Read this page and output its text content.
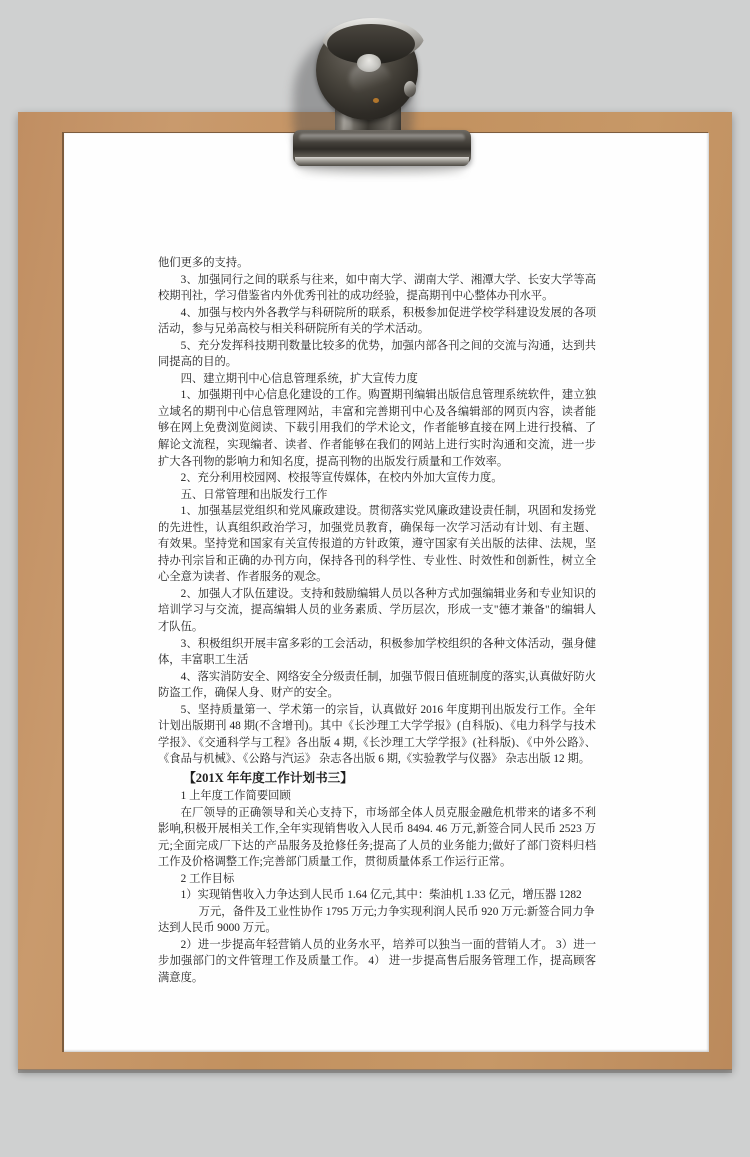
他们更多的支持。

3、加强同行之间的联系与往来，如中南大学、湖南大学、湘潭大学、长安大学等高校期刊社，学习借鉴省内外优秀刊社的成功经验，提高期刊中心整体办刊水平。

4、加强与校内外各教学与科研院所的联系，积极参加促进学校学科建设发展的各项活动，参与兄弟高校与相关科研院所有关的学术活动。

5、充分发挥科技期刊数量比较多的优势，加强内部各刊之间的交流与沟通，达到共同提高的目的。

四、建立期刊中心信息管理系统，扩大宣传力度

1、加强期刊中心信息化建设的工作。购置期刊编辑出版信息管理系统软件，建立独立域名的期刊中心信息管理网站，丰富和完善期刊中心及各编辑部的网页内容，读者能够在网上免费浏览阅读、下载引用我们的学术论文，作者能够直接在网上进行投稿、了解论文流程，实现编者、读者、作者能够在我们的网站上进行实时沟通和交流，进一步扩大各刊物的影响力和知名度，提高刊物的出版发行质量和工作效率。

2、充分利用校园网、校报等宣传媒体，在校内外加大宣传力度。

五、日常管理和出版发行工作

1、加强基层党组织和党风廉政建设。贯彻落实党风廉政建设责任制，巩固和发扬党的先进性，认真组织政治学习，加强党员教育，确保每一次学习活动有计划、有主题、有效果。坚持党和国家有关宣传报道的方针政策，遵守国家有关出版的法律、法规，坚持办刊宗旨和正确的办刊方向，保持各刊的科学性、专业性、时效性和创新性，树立全心全意为读者、作者服务的观念。

2、加强人才队伍建设。支持和鼓励编辑人员以各种方式加强编辑业务和专业知识的培训学习与交流，提高编辑人员的业务素质、学历层次，形成一支"德才兼备"的编辑人才队伍。

3、积极组织开展丰富多彩的工会活动，积极参加学校组织的各种文体活动，强身健体，丰富职工生活

4、落实消防安全、网络安全分级责任制，加强节假日值班制度的落实,认真做好防火防盗工作，确保人身、财产的安全。

5、坚持质量第一、学术第一的宗旨，认真做好 2016 年度期刊出版发行工作。全年计划出版期刊 48 期(不含增刊)。其中《长沙理工大学学报》(自科版)、《电力科学与技术学报》、《交通科学与工程》各出版 4 期,《长沙理工大学学报》(社科版)、《中外公路》、《食品与机械》、《公路与汽运》 杂志各出版 6 期,《实验教学与仪器》 杂志出版 12 期。

【201X 年年度工作计划书三】

1 上年度工作简要回顾

在厂领导的正确领导和关心支持下，市场部全体人员克服金融危机带来的诸多不利影响,积极开展相关工作,全年实现销售收入人民币 8494. 46 万元,新签合同人民币 2523 万元;全面完成厂下达的产品服务及抢修任务;提高了人员的业务能力;做好了部门资料归档工作及价格调整工作;完善部门质量工作，贯彻质量体系工作运行正常。

2 工作目标

1）实现销售收入力争达到人民币 1.64 亿元,其中：柴油机 1.33 亿元，增压器 1282

万元，备件及工业性协作 1795 万元;力争实现利润人民币 920 万元:新签合同力争

达到人民币 9000 万元。

2）进一步提高年轻营销人员的业务水平，培养可以独当一面的营销人才。 3）进一步加强部门的文件管理工作及质量工作。 4） 进一步提高售后服务管理工作，提高顾客满意度。
